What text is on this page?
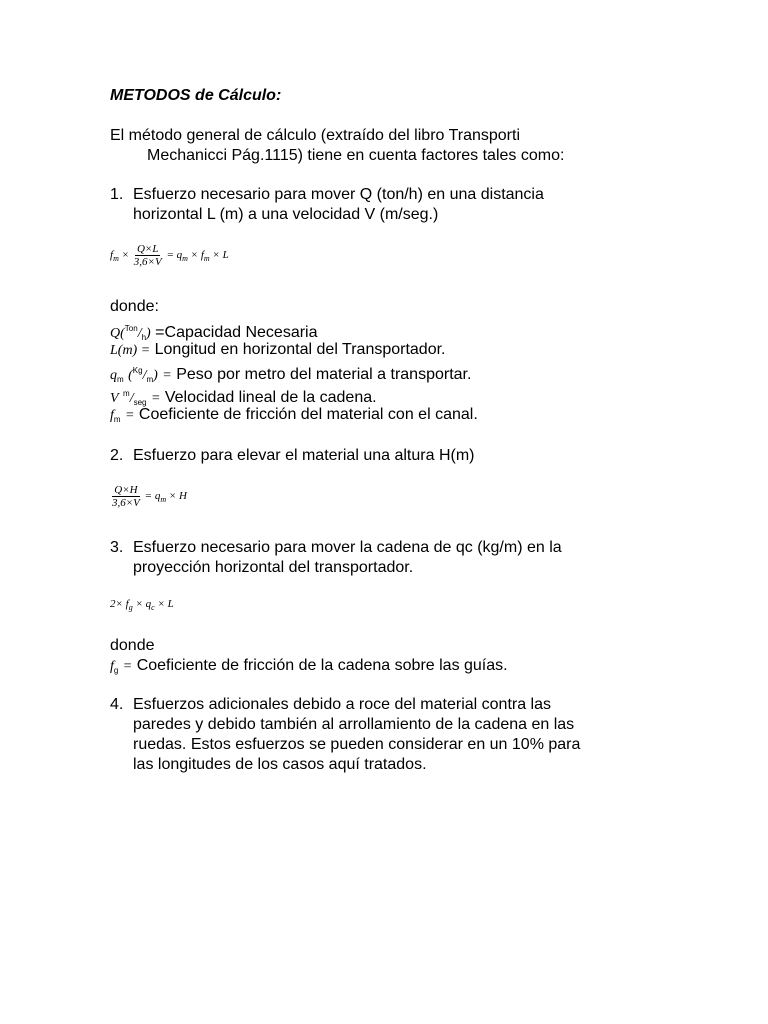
METODOS de Cálculo:
El método general de cálculo (extraído del libro Transporti
Mechanicci Pág.1115) tiene en cuenta factores tales como:
1. Esfuerzo necesario para mover Q (ton/h) en una distancia
horizontal L (m) a una velocidad V (m/seg.)
$f_m \times \frac{Q\times L}{3,6\times V} = q_m \times f_m \times L$
donde:
$Q(^{Ton}/_h)$ =Capacidad Necesaria
L(m) = Longitud en horizontal del Transportador.
$q_m$ $(^{Kg}/_m)$ = Peso por metro del material a transportar.
V $^m/_{seg}$ = Velocidad lineal de la cadena.
$f_m$ = Coeficiente de fricción del material con el canal.
2. Esfuerzo para elevar el material una altura H(m)
$\frac{Q\times H}{3,6\times V} = q_m \times H$
3. Esfuerzo necesario para mover la cadena de qc (kg/m) en la
proyección horizontal del transportador.
$2\times f_g \times q_c \times L$
donde
$f_g$ = Coeficiente de fricción de la cadena sobre las guías.
4. Esfuerzos adicionales debido a roce del material contra las
paredes y debido también al arrollamiento de la cadena en las
ruedas. Estos esfuerzos se pueden considerar en un 10% para
las longitudes de los casos aquí tratados.
